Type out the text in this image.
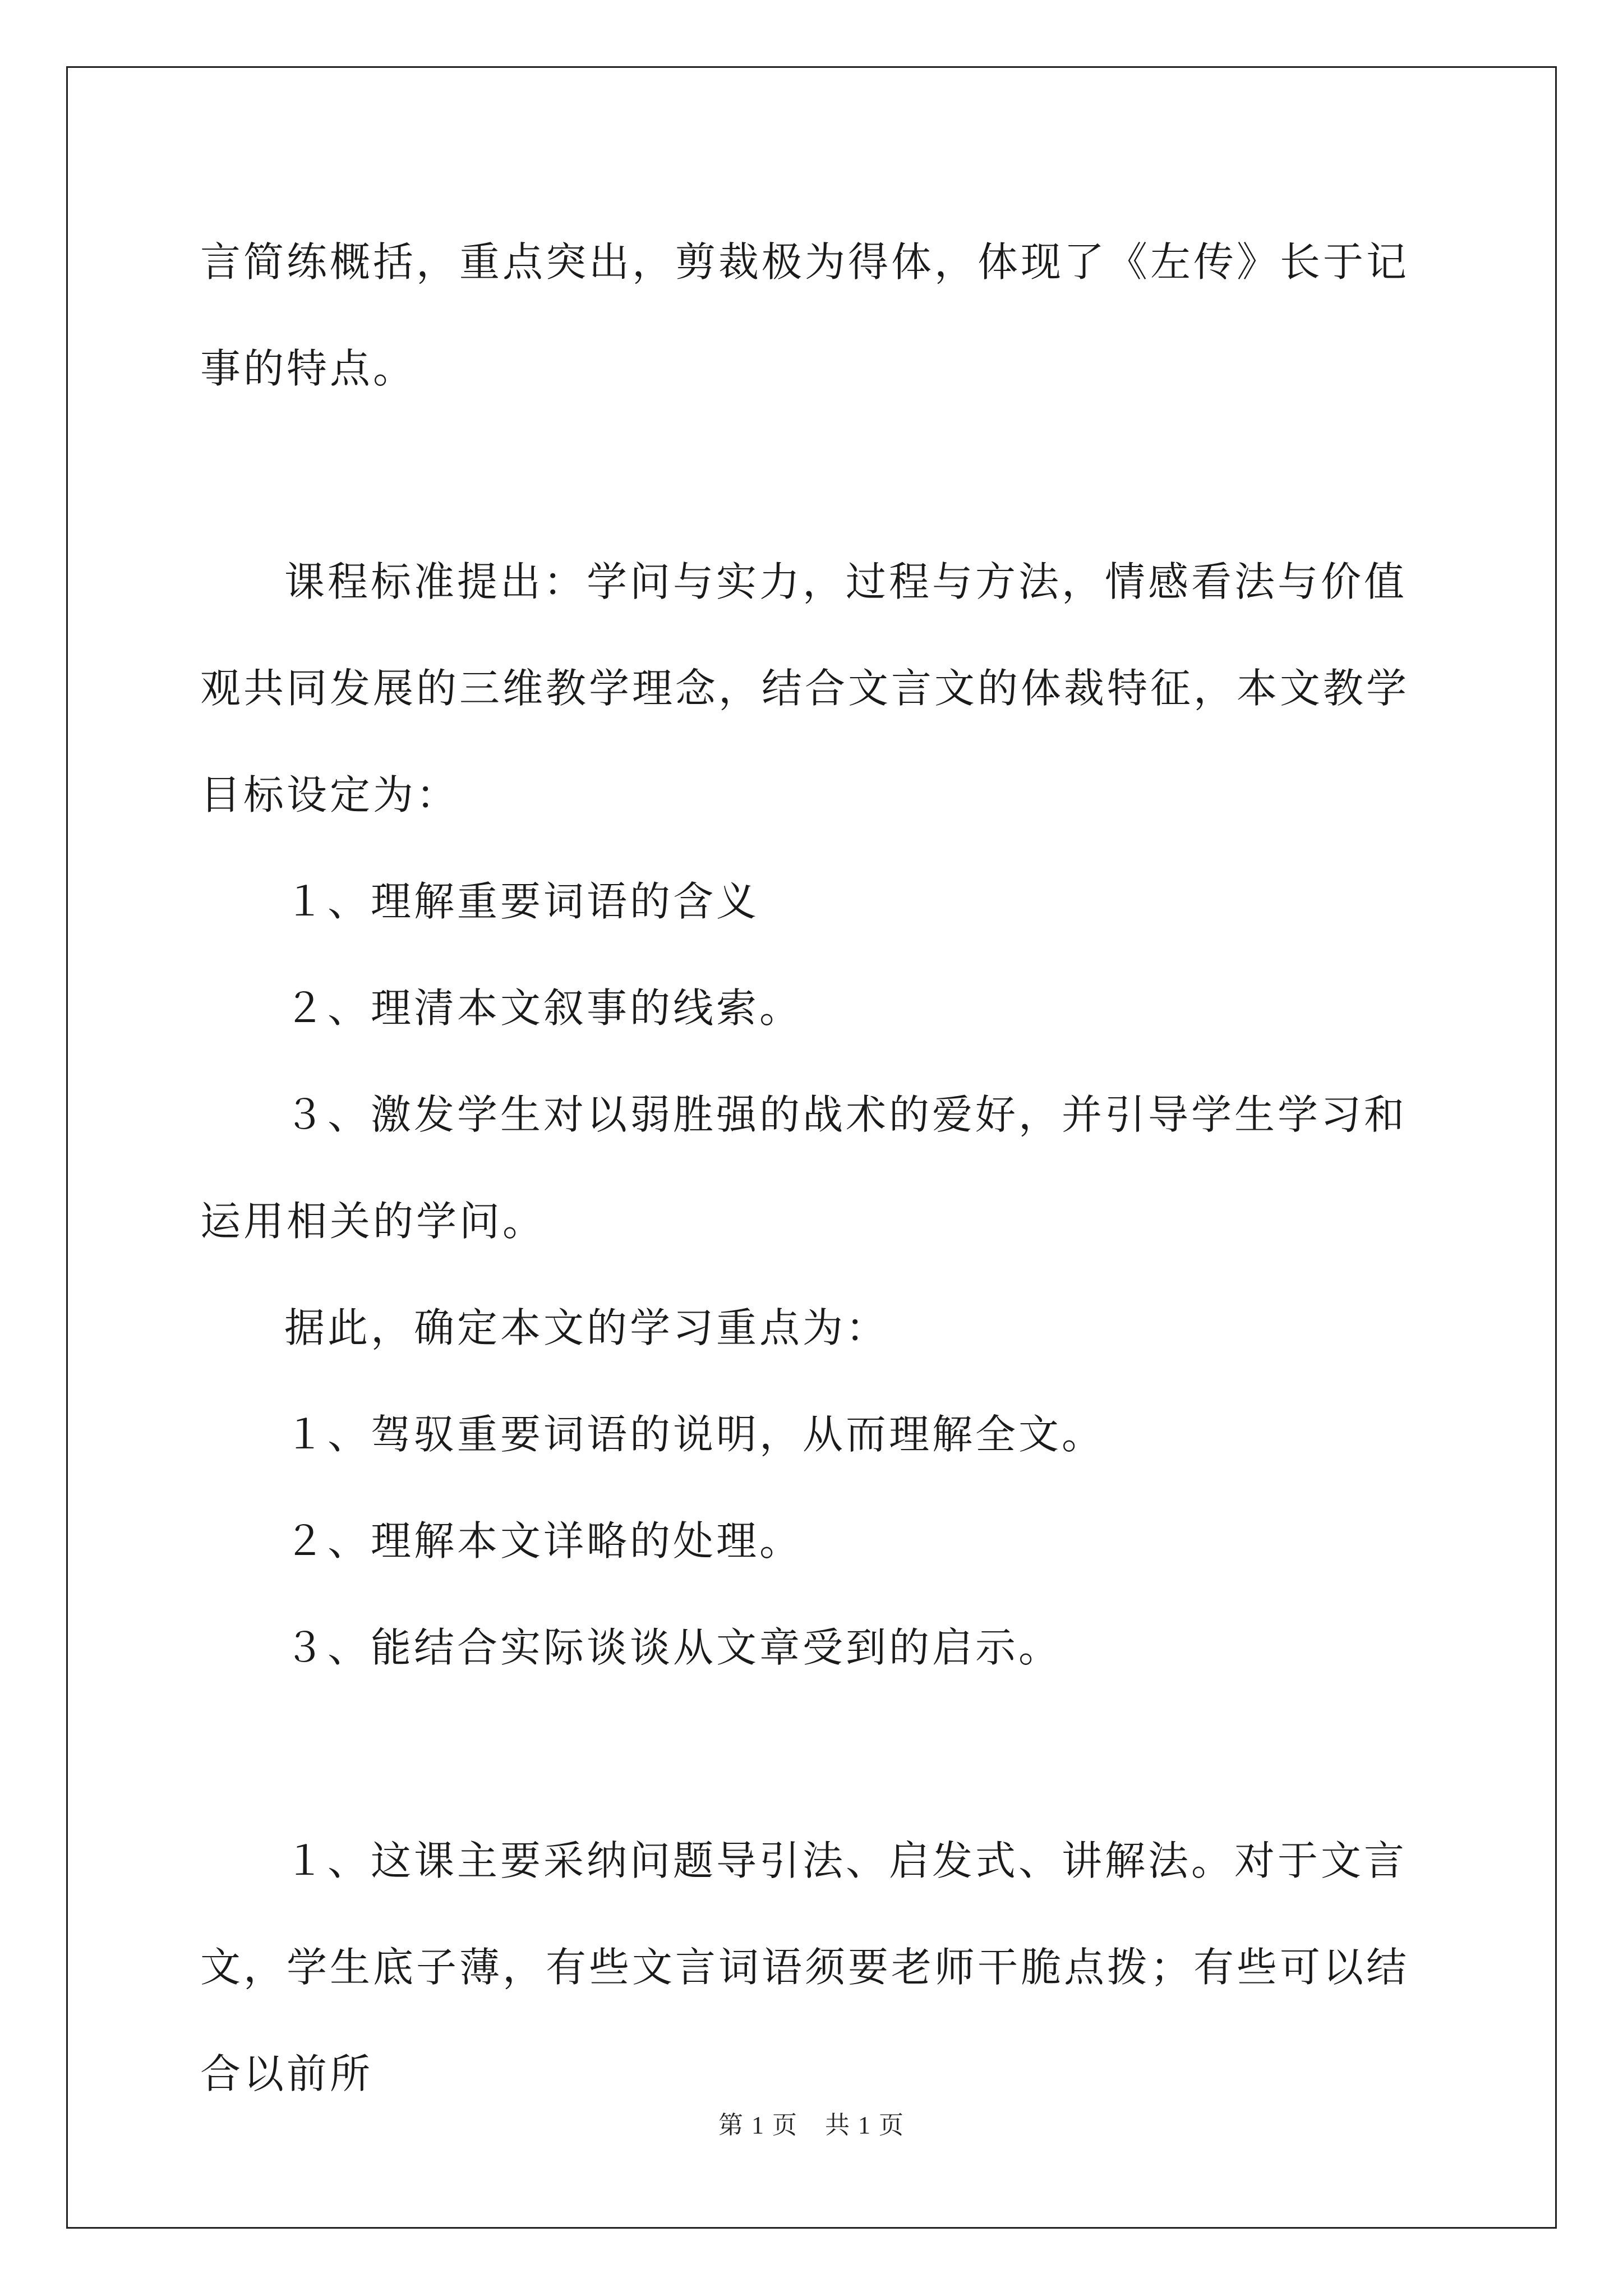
言简练概括，重点突出，剪裁极为得体，体现了《左传》长于记事的特点。

课程标准提出：学问与实力，过程与方法，情感看法与价值观共同发展的三维教学理念，结合文言文的体裁特征，本文教学目标设定为：

１、理解重要词语的含义

２、理清本文叙事的线索。

３、激发学生对以弱胜强的战术的爱好，并引导学生学习和运用相关的学问。

据此，确定本文的学习重点为：

１、驾驭重要词语的说明，从而理解全文。

２、理解本文详略的处理。

３、能结合实际谈谈从文章受到的启示。

１、这课主要采纳问题导引法、启发式、讲解法。对于文言文，学生底子薄，有些文言词语须要老师干脆点拨；有些可以结合以前所

第 1 页 共 1 页
